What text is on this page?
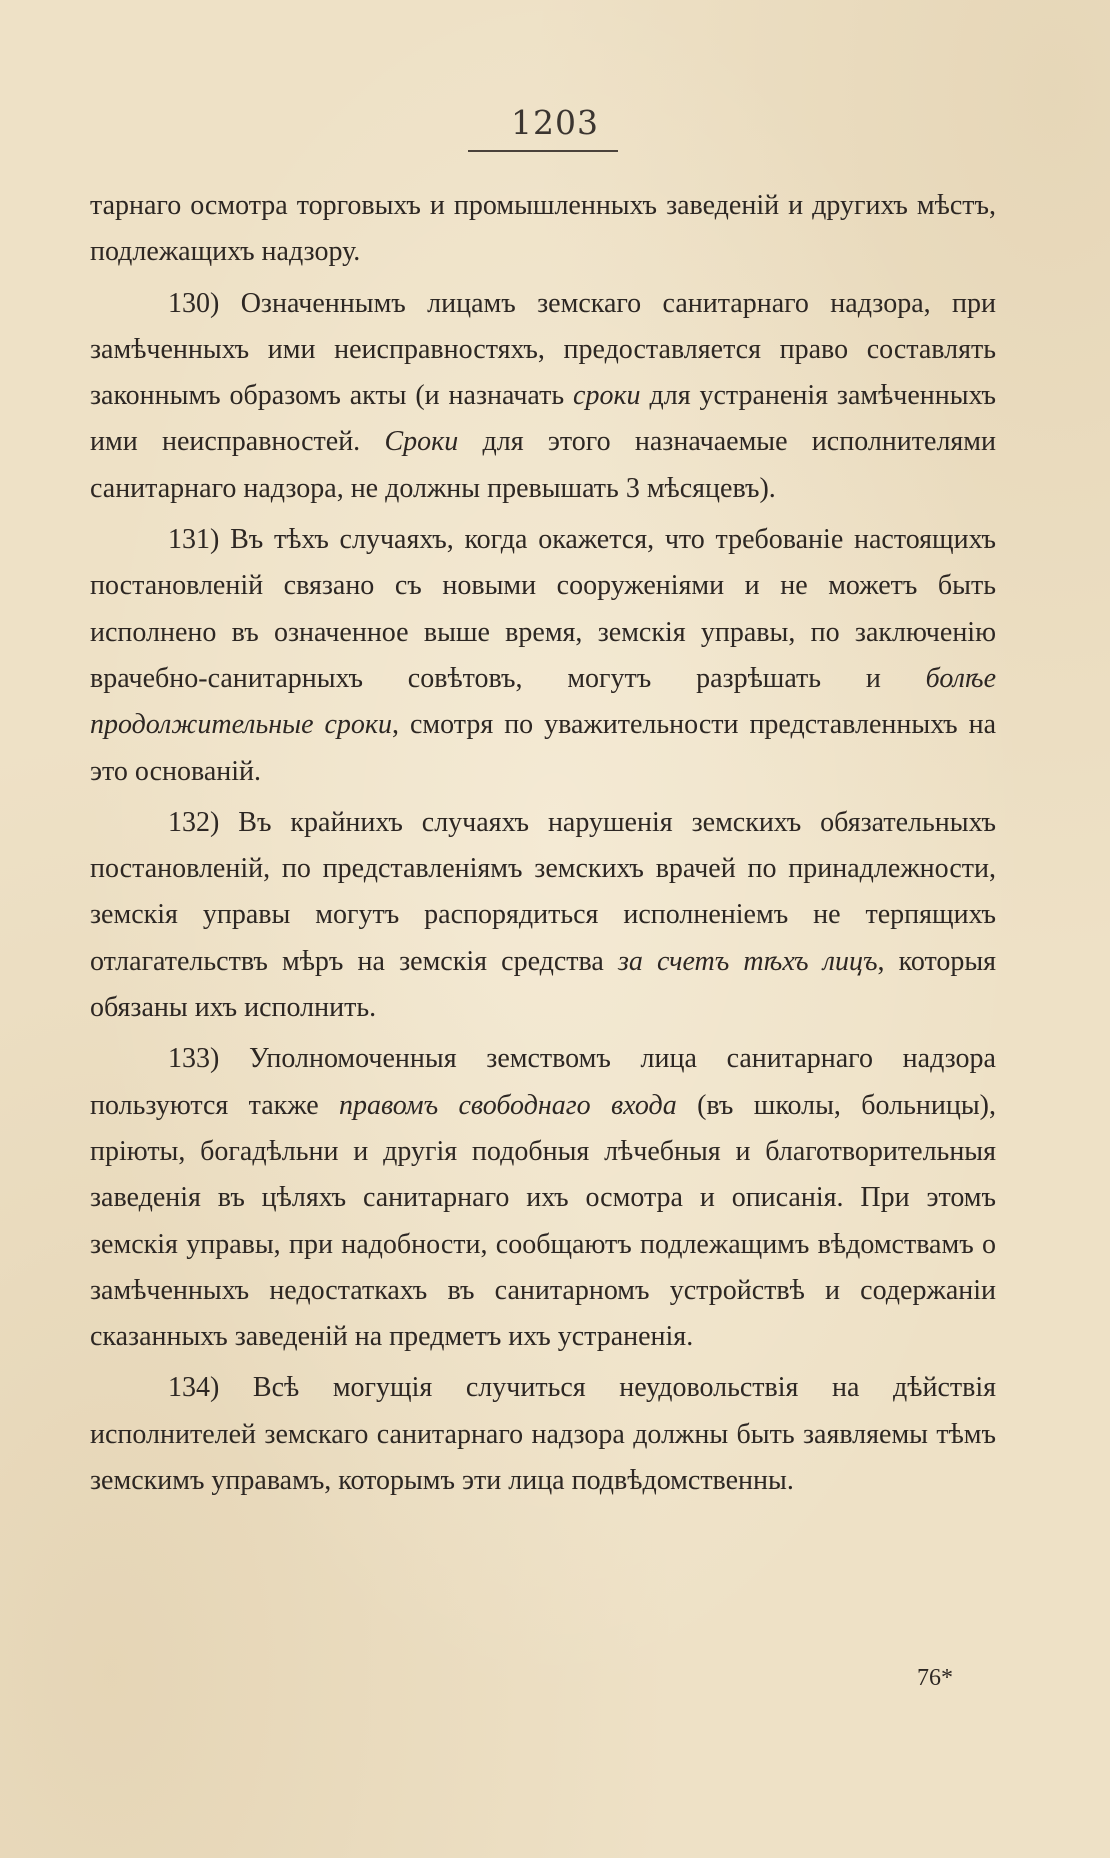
1203

тарнаго осмотра торговыхъ и промышленныхъ заведенiй и другихъ мѣстъ, подлежащихъ надзору.

130) Означеннымъ лицамъ земскаго санитарнаго надзора, при замѣченныхъ ими неисправностяхъ, предоставляется право составлять законнымъ образомъ акты (и назначать сроки для устраненiя замѣченныхъ ими неисправностей. Сроки для этого назначаемые исполнителями санитарнаго надзора, не должны превышать 3 мѣсяцевъ).

131) Въ тѣхъ случаяхъ, когда окажется, что требованiе настоящихъ постановленiй связано съ новыми сооруженiями и не можетъ быть исполнено въ означенное выше время, земскiя управы, по заключенiю врачебно-санитарныхъ совѣтовъ, могутъ разрѣшать и болѣе продолжительные сроки, смотря по уважительности представленныхъ на это основанiй.

132) Въ крайнихъ случаяхъ нарушенiя земскихъ обязательныхъ постановленiй, по представленiямъ земскихъ врачей по принадлежности, земскiя управы могутъ распорядиться исполненiемъ не терпящихъ отлагательствъ мѣръ на земскiя средства за счетъ тѣхъ лицъ, которыя обязаны ихъ исполнить.

133) Уполномоченныя земствомъ лица санитарнаго надзора пользуются также правомъ свободнаго входа (въ школы, больницы), прiюты, богадѣльни и другiя подобныя лѣчебныя и благотворительныя заведенiя въ цѣляхъ санитарнаго ихъ осмотра и описанiя. При этомъ земскiя управы, при надобности, сообщаютъ подлежащимъ вѣдомствамъ о замѣченныхъ недостаткахъ въ санитарномъ устройствѣ и содержанiи сказанныхъ заведенiй на предметъ ихъ устраненiя.

134) Всѣ могущiя случиться неудовольствiя на дѣйствiя исполнителей земскаго санитарнаго надзора должны быть заявляемы тѣмъ земскимъ управамъ, которымъ эти лица подвѣдомственны.

76*
